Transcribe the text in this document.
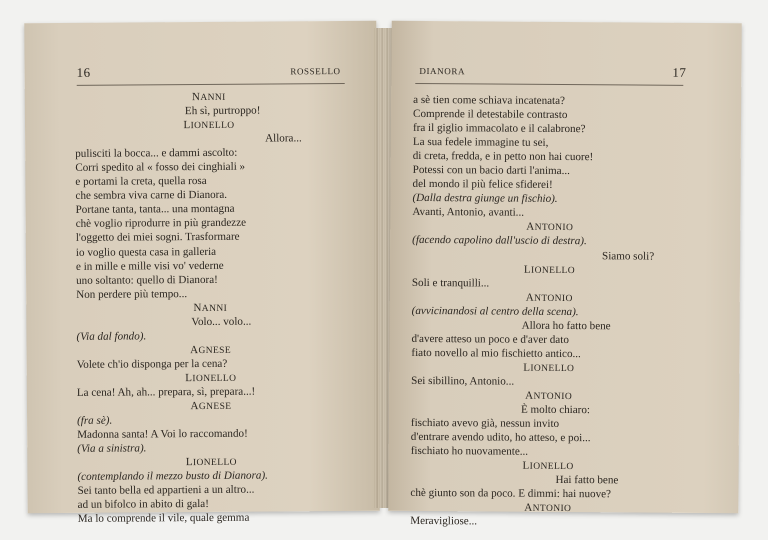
16	ROSSELLO
NANNI
Eh sì, purtroppo!
LIONELLO
Allora...
pulisciti la bocca... e dammi ascolto:
Corri spedito al « fosso dei cinghiali »
e portami la creta, quella rosa
che sembra viva carne di Dianora.
Portane tanta, tanta... una montagna
chè voglio riprodurre in più grandezze
l'oggetto dei miei sogni. Trasformare
io voglio questa casa in galleria
e in mille e mille visi vo' vederne
uno soltanto: quello di Dianora!
Non perdere più tempo...
NANNI
Volo... volo...
(Via dal fondo).
AGNESE
Volete ch'io disponga per la cena?
LIONELLO
La cena! Ah, ah... prepara, sì, prepara...!
AGNESE
(fra sè).
Madonna santa! A Voi lo raccomando!
(Via a sinistra).
LIONELLO
(contemplando il mezzo busto di Dianora).
Sei tanto bella ed appartieni a un altro...
ad un bifolco in abito di gala!
Ma lo comprende il vile, quale gemma
DIANORA	17
a sè tien come schiava incatenata?
Comprende il detestabile contrasto
fra il giglio immacolato e il calabrone?
La sua fedele immagine tu sei,
di creta, fredda, e in petto non hai cuore!
Potessi con un bacio darti l'anima...
del mondo il più felice sfiderei!
(Dalla destra giunge un fischio).
Avanti, Antonio, avanti...
ANTONIO
(facendo capolino dall'uscio di destra).
Siamo soli?
LIONELLO
Soli e tranquilli...
ANTONIO
(avvicinandosi al centro della scena).
Allora ho fatto bene
d'avere atteso un poco e d'aver dato
fiato novello al mio fischietto antico...
LIONELLO
Sei sibillino, Antonio...
ANTONIO
È molto chiaro:
fischiato avevo già, nessun invito
d'entrare avendo udito, ho atteso, e poi...
fischiato ho nuovamente...
LIONELLO
Hai fatto bene
chè giunto son da poco. E dimmi: hai nuove?
ANTONIO
Meravigliose...
